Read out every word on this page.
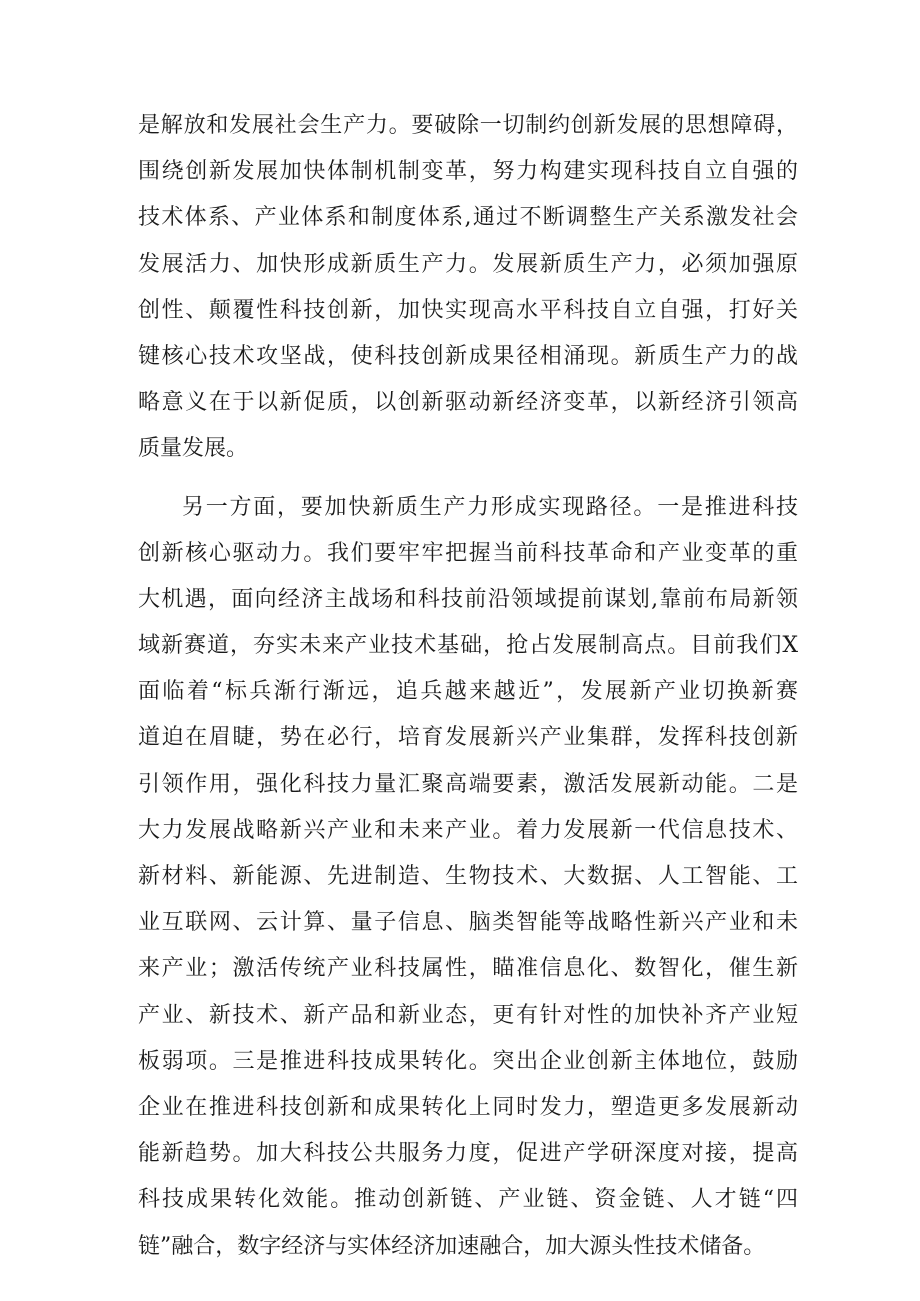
是解放和发展社会生产力。要破除一切制约创新发展的思想障碍，
围绕创新发展加快体制机制变革，努力构建实现科技自立自强的
技术体系、产业体系和制度体系,通过不断调整生产关系激发社会
发展活力、加快形成新质生产力。发展新质生产力，必须加强原
创性、颠覆性科技创新，加快实现高水平科技自立自强，打好关
键核心技术攻坚战，使科技创新成果径相涌现。新质生产力的战
略意义在于以新促质，以创新驱动新经济变革，以新经济引领高
质量发展。
另一方面，要加快新质生产力形成实现路径。一是推进科技
创新核心驱动力。我们要牢牢把握当前科技革命和产业变革的重
大机遇，面向经济主战场和科技前沿领域提前谋划,靠前布局新领
域新赛道，夯实未来产业技术基础，抢占发展制高点。目前我们X
面临着“标兵渐行渐远，追兵越来越近”，发展新产业切换新赛
道迫在眉睫，势在必行，培育发展新兴产业集群，发挥科技创新
引领作用，强化科技力量汇聚高端要素，激活发展新动能。二是
大力发展战略新兴产业和未来产业。着力发展新一代信息技术、
新材料、新能源、先进制造、生物技术、大数据、人工智能、工
业互联网、云计算、量子信息、脑类智能等战略性新兴产业和未
来产业；激活传统产业科技属性，瞄准信息化、数智化，催生新
产业、新技术、新产品和新业态，更有针对性的加快补齐产业短
板弱项。三是推进科技成果转化。突出企业创新主体地位，鼓励
企业在推进科技创新和成果转化上同时发力，塑造更多发展新动
能新趋势。加大科技公共服务力度，促进产学研深度对接，提高
科技成果转化效能。推动创新链、产业链、资金链、人才链“四
链”融合，数字经济与实体经济加速融合，加大源头性技术储备。
